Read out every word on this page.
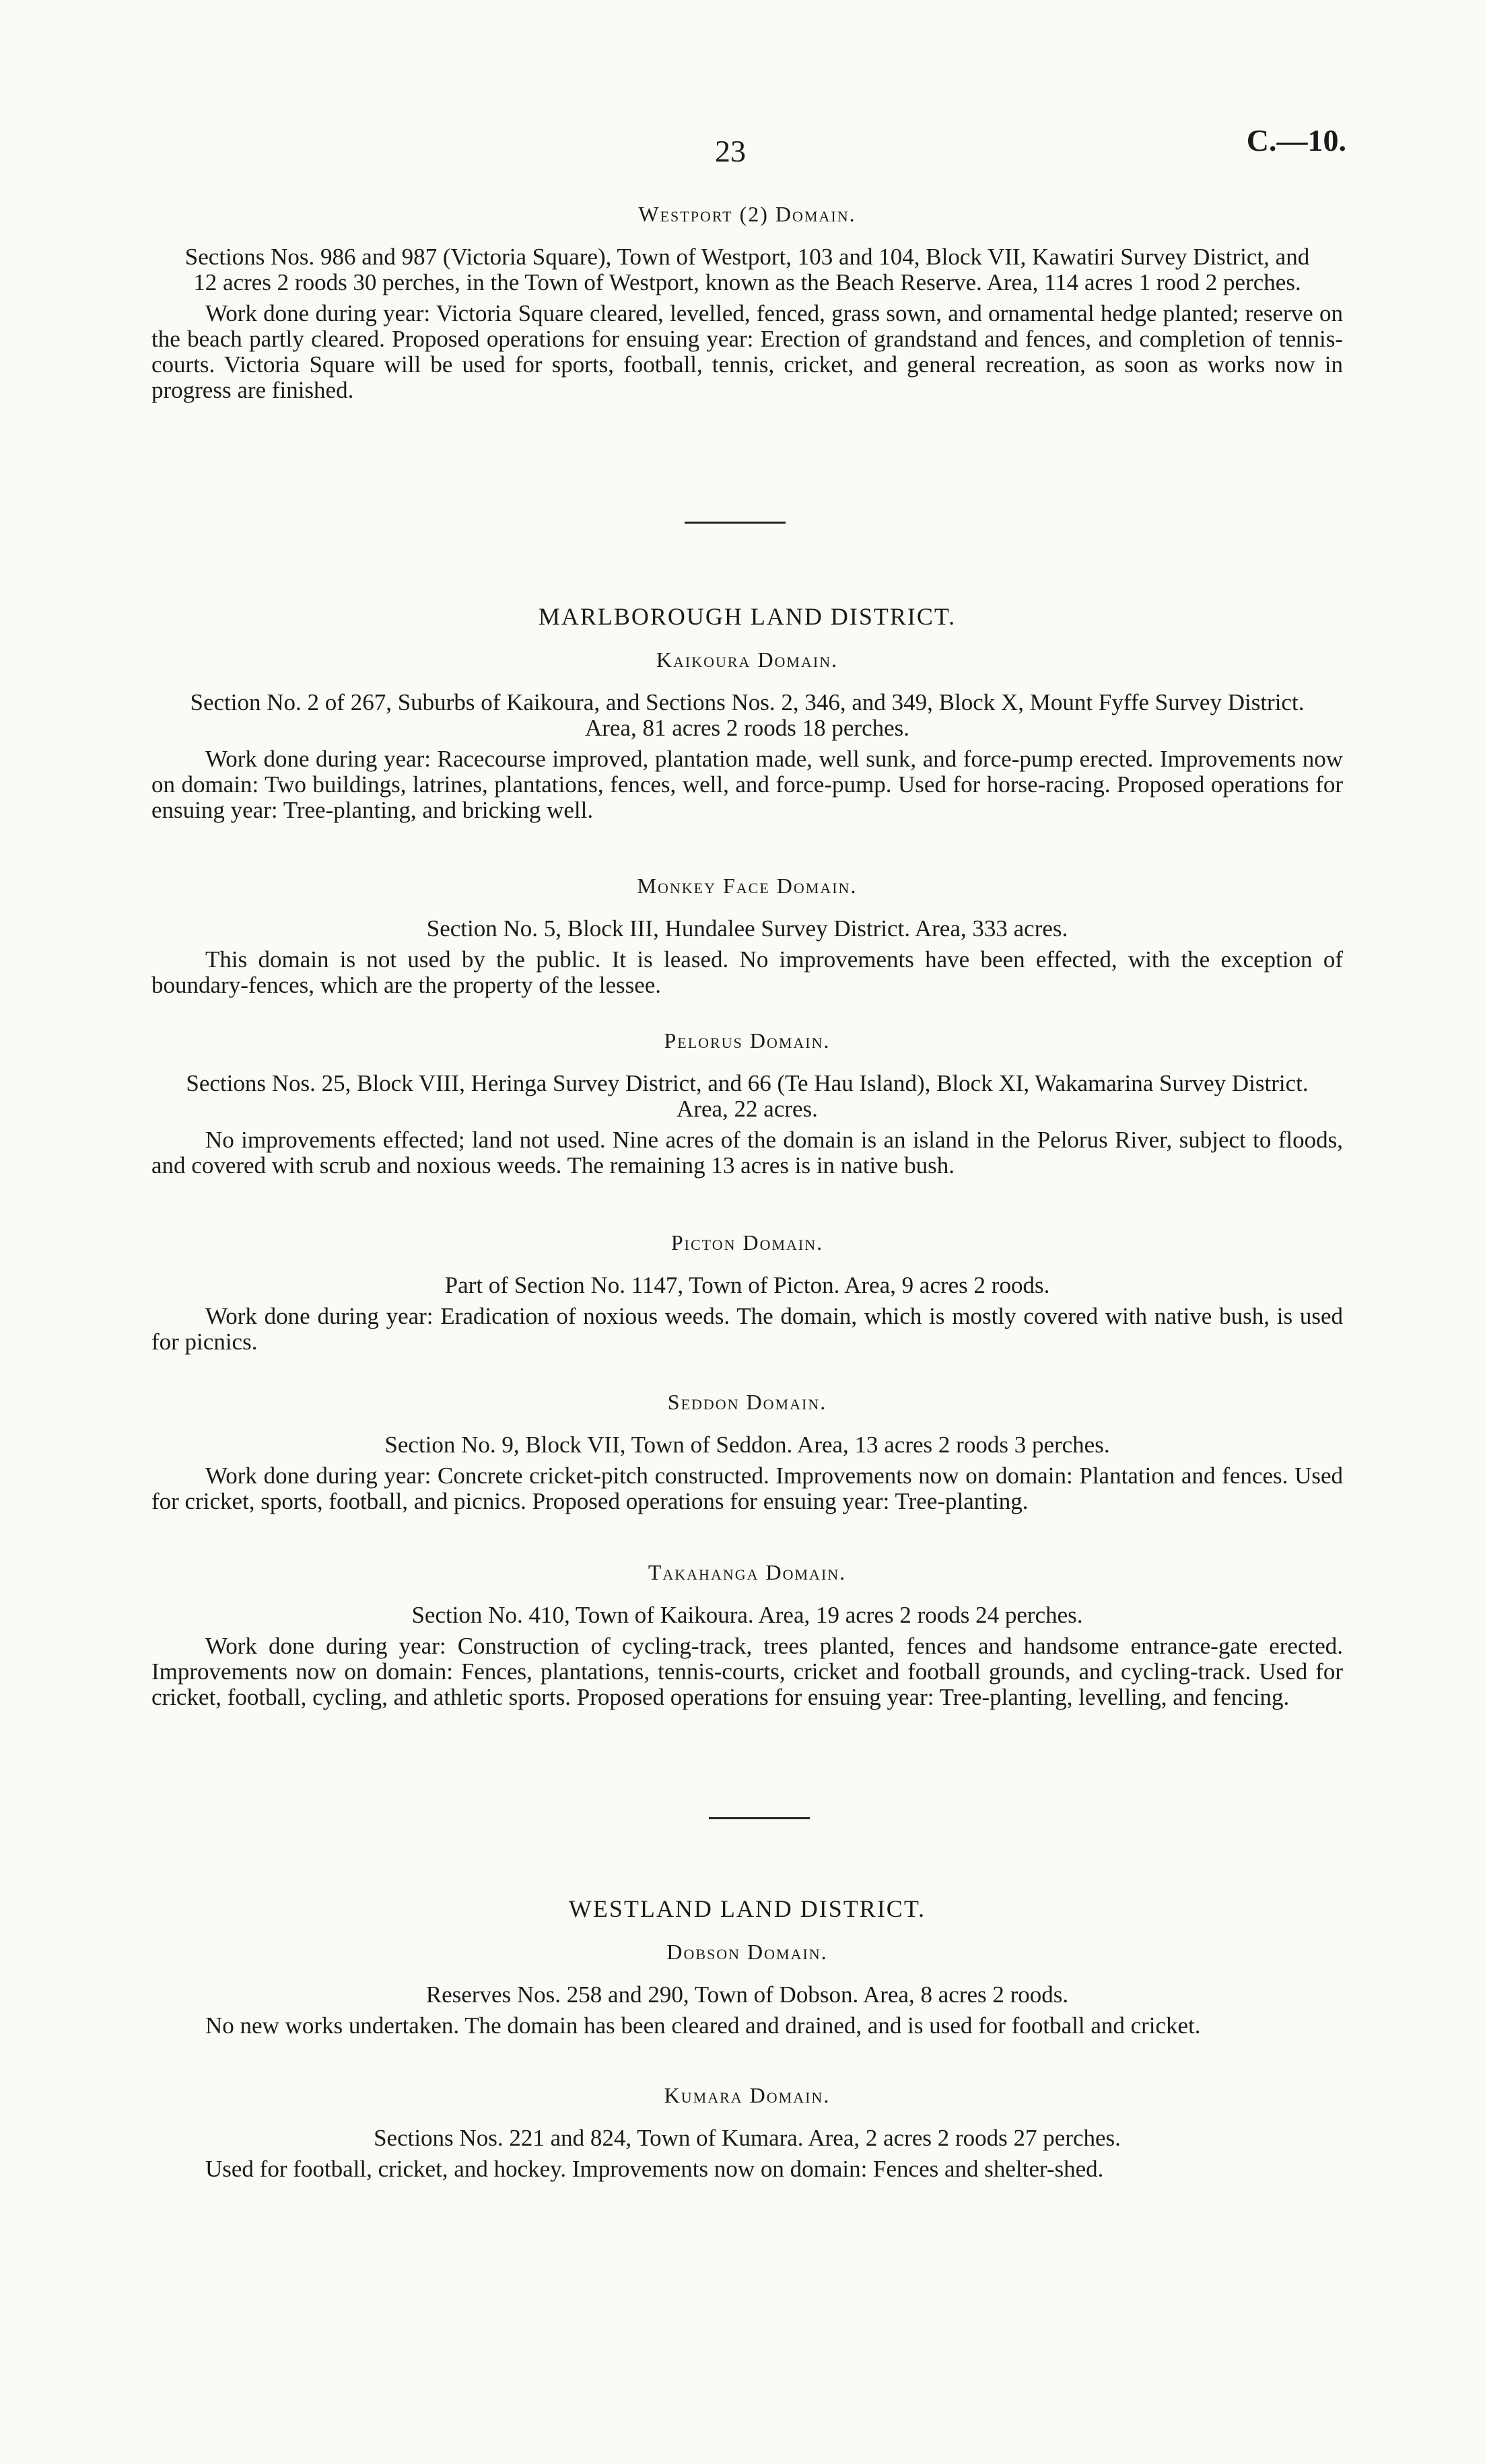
23	C.—10.
Westport (2) Domain.
Sections Nos. 986 and 987 (Victoria Square), Town of Westport, 103 and 104, Block VII, Kawatiri Survey District, and 12 acres 2 roods 30 perches, in the Town of Westport, known as the Beach Reserve. Area, 114 acres 1 rood 2 perches.
Work done during year: Victoria Square cleared, levelled, fenced, grass sown, and ornamental hedge planted; reserve on the beach partly cleared. Proposed operations for ensuing year: Erection of grandstand and fences, and completion of tennis-courts. Victoria Square will be used for sports, football, tennis, cricket, and general recreation, as soon as works now in progress are finished.
MARLBOROUGH LAND DISTRICT.
Kaikoura Domain.
Section No. 2 of 267, Suburbs of Kaikoura, and Sections Nos. 2, 346, and 349, Block X, Mount Fyffe Survey District. Area, 81 acres 2 roods 18 perches.
Work done during year: Racecourse improved, plantation made, well sunk, and force-pump erected. Improvements now on domain: Two buildings, latrines, plantations, fences, well, and force-pump. Used for horse-racing. Proposed operations for ensuing year: Tree-planting, and bricking well.
Monkey Face Domain.
Section No. 5, Block III, Hundalee Survey District. Area, 333 acres.
This domain is not used by the public. It is leased. No improvements have been effected, with the exception of boundary-fences, which are the property of the lessee.
Pelorus Domain.
Sections Nos. 25, Block VIII, Heringa Survey District, and 66 (Te Hau Island), Block XI, Wakamarina Survey District. Area, 22 acres.
No improvements effected; land not used. Nine acres of the domain is an island in the Pelorus River, subject to floods, and covered with scrub and noxious weeds. The remaining 13 acres is in native bush.
Picton Domain.
Part of Section No. 1147, Town of Picton. Area, 9 acres 2 roods.
Work done during year: Eradication of noxious weeds. The domain, which is mostly covered with native bush, is used for picnics.
Seddon Domain.
Section No. 9, Block VII, Town of Seddon. Area, 13 acres 2 roods 3 perches.
Work done during year: Concrete cricket-pitch constructed. Improvements now on domain: Plantation and fences. Used for cricket, sports, football, and picnics. Proposed operations for ensuing year: Tree-planting.
Takahanga Domain.
Section No. 410, Town of Kaikoura. Area, 19 acres 2 roods 24 perches.
Work done during year: Construction of cycling-track, trees planted, fences and handsome entrance-gate erected. Improvements now on domain: Fences, plantations, tennis-courts, cricket and football grounds, and cycling-track. Used for cricket, football, cycling, and athletic sports. Proposed operations for ensuing year: Tree-planting, levelling, and fencing.
WESTLAND LAND DISTRICT.
Dobson Domain.
Reserves Nos. 258 and 290, Town of Dobson. Area, 8 acres 2 roods.
No new works undertaken. The domain has been cleared and drained, and is used for football and cricket.
Kumara Domain.
Sections Nos. 221 and 824, Town of Kumara. Area, 2 acres 2 roods 27 perches.
Used for football, cricket, and hockey. Improvements now on domain: Fences and shelter-shed.
